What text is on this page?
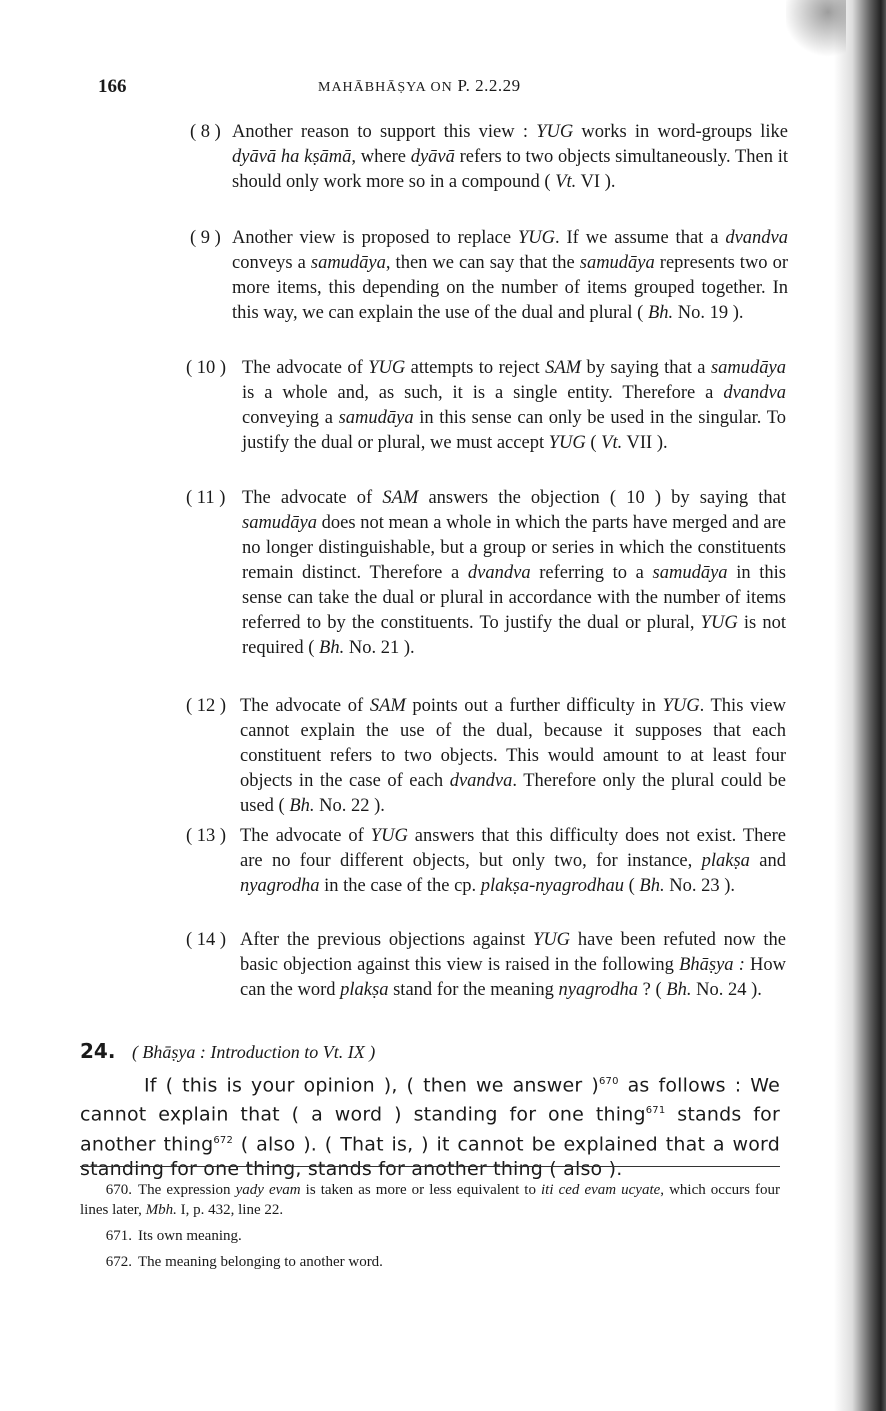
166	MAHĀBHĀṢYA ON P. 2.2.29
( 8 ) Another reason to support this view : YUG works in word-groups like dyāvā ha kṣāmā, where dyāvā refers to two objects simultaneously. Then it should only work more so in a compound ( Vt. VI ).
( 9 ) Another view is proposed to replace YUG. If we assume that a dvandva conveys a samudāya, then we can say that the samudāya represents two or more items, this depending on the number of items grouped together. In this way, we can explain the use of the dual and plural ( Bh. No. 19 ).
( 10 ) The advocate of YUG attempts to reject SAM by saying that a samudāya is a whole and, as such, it is a single entity. Therefore a dvandva conveying a samudāya in this sense can only be used in the singular. To justify the dual or plural, we must accept YUG ( Vt. VII ).
( 11 ) The advocate of SAM answers the objection ( 10 ) by saying that samudāya does not mean a whole in which the parts have merged and are no longer distinguishable, but a group or series in which the constituents remain distinct. Therefore a dvandva referring to a samudāya in this sense can take the dual or plural in accordance with the number of items referred to by the constituents. To justify the dual or plural, YUG is not required ( Bh. No. 21 ).
( 12 ) The advocate of SAM points out a further difficulty in YUG. This view cannot explain the use of the dual, because it supposes that each constituent refers to two objects. This would amount to at least four objects in the case of each dvandva. Therefore only the plural could be used ( Bh. No. 22 ).
( 13 ) The advocate of YUG answers that this difficulty does not exist. There are no four different objects, but only two, for instance, plakṣa and nyagrodha in the case of the cp. plakṣa-nyagrodhau ( Bh. No. 23 ).
( 14 ) After the previous objections against YUG have been refuted now the basic objection against this view is raised in the following Bhāṣya : How can the word plakṣa stand for the meaning nyagrodha ? ( Bh. No. 24 ).
24. ( Bhāṣya : Introduction to Vt. IX )
If ( this is your opinion ), ( then we answer )$^{670}$ as follows : We cannot explain that ( a word ) standing for one thing$^{671}$ stands for another thing$^{672}$ ( also ). ( That is, ) it cannot be explained that a word standing for one thing, stands for another thing ( also ).
670. The expression yady evam is taken as more or less equivalent to iti ced evam ucyate, which occurs four lines later, Mbh. I, p. 432, line 22.
671. Its own meaning.
672. The meaning belonging to another word.
